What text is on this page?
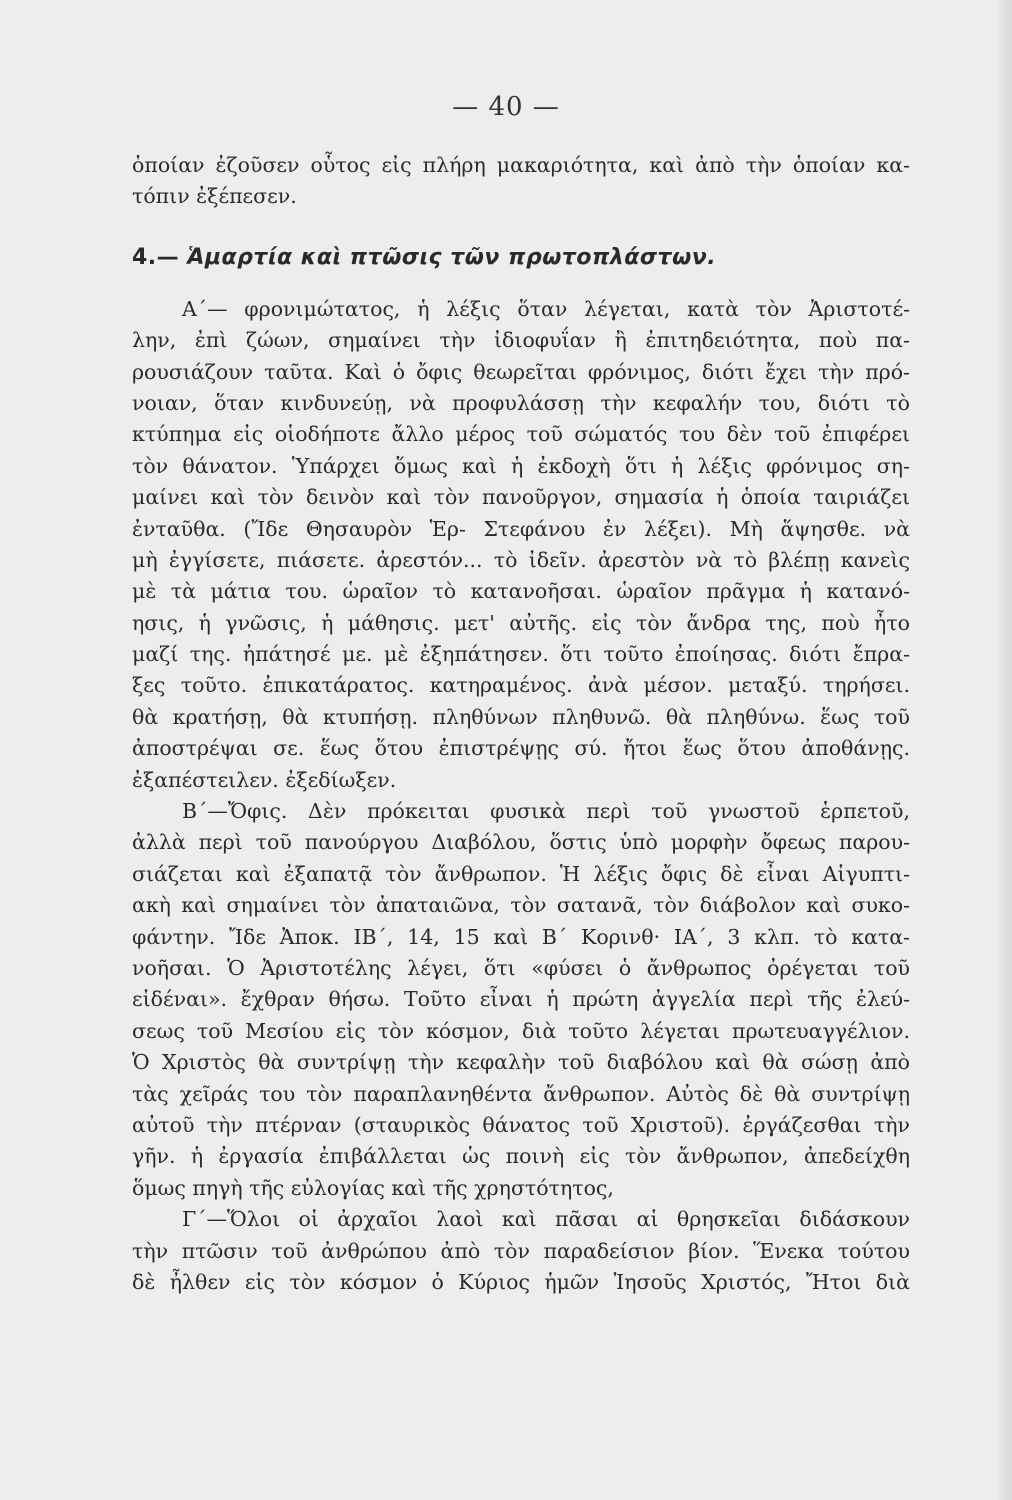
— 40 —
ὁποίαν ἐζοῦσεν οὗτος εἰς πλήρη μακαριότητα, καὶ ἀπὸ τὴν ὁποίαν κα-
τόπιν ἐξέπεσεν.
4.— Ἁμαρτία καὶ πτῶσις τῶν πρωτοπλάστων.
Α΄— φρονιμώτατος, ἡ λέξις ὅταν λέγεται, κατὰ τὸν Ἀριστοτέ-
λην, ἐπὶ ζώων, σημαίνει τὴν ἰδιοφυΐαν ἢ ἐπιτηδειότητα, ποὺ πα-
ρουσιάζουν ταῦτα. Καὶ ὁ ὄφις θεωρεῖται φρόνιμος, διότι ἔχει τὴν πρό-
νοιαν, ὅταν κινδυνεύῃ, νὰ προφυλάσσῃ τὴν κεφαλήν του, διότι τὸ
κτύπημα εἰς οἱοδήποτε ἄλλο μέρος τοῦ σώματός του δὲν τοῦ ἐπιφέρει
τὸν θάνατον. Ὑπάρχει ὅμως καὶ ἡ ἐκδοχὴ ὅτι ἡ λέξις φρόνιμος ση-
μαίνει καὶ τὸν δεινὸν καὶ τὸν πανοῦργον, σημασία ἡ ὁποία ταιριάζει
ἐνταῦθα. (Ἴδε Θησαυρὸν Ἑρ- Στεφάνου ἐν λέξει). Μὴ ἅψησθε. νὰ
μὴ ἐγγίσετε, πιάσετε. ἀρεστόν... τὸ ἰδεῖν. ἀρεστὸν νὰ τὸ βλέπῃ κανεὶς
μὲ τὰ μάτια του. ὡραῖον τὸ κατανοῆσαι. ὡραῖον πρᾶγμα ἡ κατανό-
ησις, ἡ γνῶσις, ἡ μάθησις. μετ' αὐτῆς. εἰς τὸν ἄνδρα της, ποὺ ἦτο
μαζί της. ἠπάτησέ με. μὲ ἐξηπάτησεν. ὅτι τοῦτο ἐποίησας. διότι ἔπρα-
ξες τοῦτο. ἐπικατάρατος. κατηραμένος. ἀνὰ μέσον. μεταξύ. τηρήσει.
θὰ κρατήσῃ, θὰ κτυπήσῃ. πληθύνων πληθυνῶ. θὰ πληθύνω. ἕως τοῦ
ἀποστρέψαι σε. ἕως ὅτου ἐπιστρέψῃς σύ. ἤτοι ἕως ὅτου ἀποθάνῃς.
ἐξαπέστειλεν. ἐξεδίωξεν.
Β΄—Ὄφις. Δὲν πρόκειται φυσικὰ περὶ τοῦ γνωστοῦ ἑρπετοῦ,
ἀλλὰ περὶ τοῦ πανούργου Διαβόλου, ὅστις ὑπὸ μορφὴν ὄφεως παρου-
σιάζεται καὶ ἐξαπατᾷ τὸν ἄνθρωπον. Ἡ λέξις ὄφις δὲ εἶναι Αἰγυπτι-
ακὴ καὶ σημαίνει τὸν ἀπαταιῶνα, τὸν σατανᾶ, τὸν διάβολον καὶ συκο-
φάντην. Ἴδε Ἀποκ. ΙΒ΄, 14, 15 καὶ Β΄ Κορινθ· ΙΑ΄, 3 κλπ. τὸ κατα-
νοῆσαι. Ὁ Ἀριστοτέλης λέγει, ὅτι «φύσει ὁ ἄνθρωπος ὀρέγεται τοῦ
εἰδέναι». ἔχθραν θήσω. Τοῦτο εἶναι ἡ πρώτη ἀγγελία περὶ τῆς ἐλεύ-
σεως τοῦ Μεσίου εἰς τὸν κόσμον, διὰ τοῦτο λέγεται πρωτευαγγέλιον.
Ὁ Χριστὸς θὰ συντρίψῃ τὴν κεφαλὴν τοῦ διαβόλου καὶ θὰ σώσῃ ἀπὸ
τὰς χεῖράς του τὸν παραπλανηθέντα ἄνθρωπον. Αὐτὸς δὲ θὰ συντρίψῃ
αὐτοῦ τὴν πτέρναν (σταυρικὸς θάνατος τοῦ Χριστοῦ). ἐργάζεσθαι τὴν
γῆν. ἡ ἐργασία ἐπιβάλλεται ὡς ποινὴ εἰς τὸν ἄνθρωπον, ἀπεδείχθη
ὅμως πηγὴ τῆς εὐλογίας καὶ τῆς χρηστότητος,
Γ΄—Ὅλοι οἱ ἀρχαῖοι λαοὶ καὶ πᾶσαι αἱ θρησκεῖαι διδάσκουν
τὴν πτῶσιν τοῦ ἀνθρώπου ἀπὸ τὸν παραδείσιον βίον. Ἕνεκα τούτου
δὲ ἦλθεν εἰς τὸν κόσμον ὁ Κύριος ἡμῶν Ἰησοῦς Χριστός, Ἤτοι διὰ
